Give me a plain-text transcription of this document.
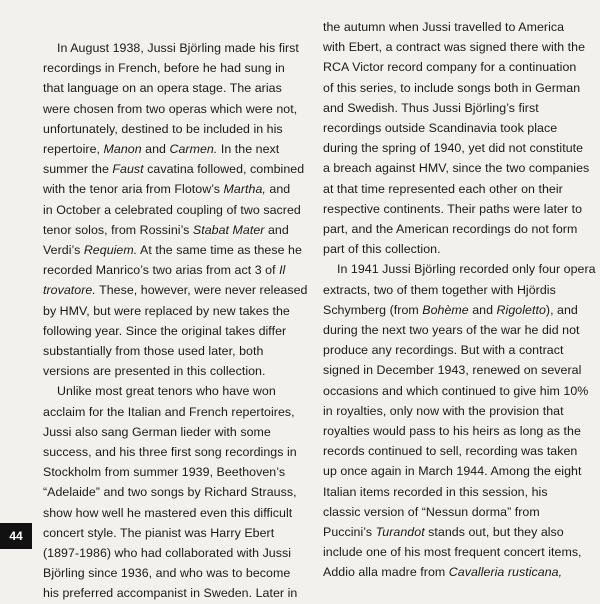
In August 1938, Jussi Björling made his first
recordings in French, before he had sung in
that language on an opera stage. The arias
were chosen from two operas which were not,
unfortunately, destined to be included in his
repertoire, Manon and Carmen. In the next
summer the Faust cavatina followed, combined
with the tenor aria from Flotow’s Martha, and
in October a celebrated coupling of two sacred
tenor solos, from Rossini’s Stabat Mater and
Verdi’s Requiem. At the same time as these he
recorded Manrico’s two arias from act 3 of Il
trovatore. These, however, were never released
by HMV, but were replaced by new takes the
following year. Since the original takes differ
substantially from those used later, both
versions are presented in this collection.
Unlike most great tenors who have won
acclaim for the Italian and French repertoires,
Jussi also sang German lieder with some
success, and his three first song recordings in
Stockholm from summer 1939, Beethoven’s
“Adelaide” and two songs by Richard Strauss,
show how well he mastered even this difficult
concert style. The pianist was Harry Ebert
(1897-1986) who had collaborated with Jussi
Björling since 1936, and who was to become
his preferred accompanist in Sweden. Later in
the autumn when Jussi travelled to America
with Ebert, a contract was signed there with the
RCA Victor record company for a continuation
of this series, to include songs both in German
and Swedish. Thus Jussi Björling’s first
recordings outside Scandinavia took place
during the spring of 1940, yet did not constitute
a breach against HMV, since the two companies
at that time represented each other on their
respective continents. Their paths were later to
part, and the American recordings do not form
part of this collection.
In 1941 Jussi Björling recorded only four opera
extracts, two of them together with Hjördis
Schymberg (from Bohème and Rigoletto), and
during the next two years of the war he did not
produce any recordings. But with a contract
signed in December 1943, renewed on several
occasions and which continued to give him 10%
in royalties, only now with the provision that
royalties would pass to his heirs as long as the
records continued to sell, recording was taken
up once again in March 1944. Among the eight
Italian items recorded in this session, his
classic version of “Nessun dorma” from
Puccini’s Turandot stands out, but they also
include one of his most frequent concert items,
Addio alla madre from Cavalleria rusticana,
44
